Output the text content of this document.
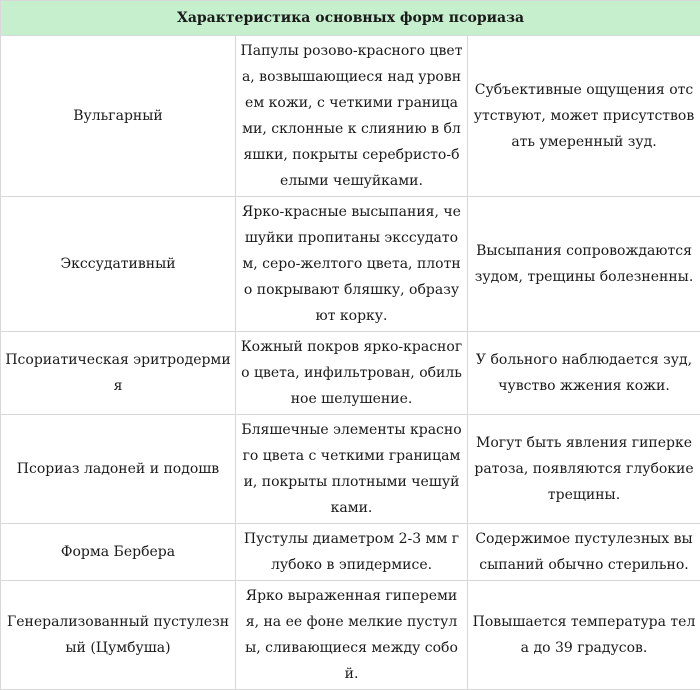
Характеристика основных форм псориаза		
Вульгарный	Папулы розово-красного цвета, возвышающиеся над уровнем кожи, с четкими границами, склонные к слиянию в бляшки, покрыты серебристо-белыми чешуйками.	Субъективные ощущения отсутствуют, может присутствовать умеренный зуд.
Экссудативный	Ярко-красные высыпания, чешуйки пропитаны экссудатом, серо-желтого цвета, плотно покрывают бляшку, образуют корку.	Высыпания сопровождаются зудом, трещины болезненны.
Псориатическая эритродермия	Кожный покров ярко-красного цвета, инфильтрован, обильное шелушение.	У больного наблюдается зуд, чувство жжения кожи.
Псориаз ладоней и подошв	Бляшечные элементы красного цвета с четкими границами, покрыты плотными чешуйками.	Могут быть явления гиперкератоза, появляются глубокие трещины.
Форма Бербера	Пустулы диаметром 2-3 мм глубоко в эпидермисе.	Содержимое пустулезных высыпаний обычно стерильно.
Генерализованный пустулезный (Цумбуша)	Ярко выраженная гиперемия, на ее фоне мелкие пустулы, сливающиеся между собой.	Повышается температура тела до 39 градусов.
